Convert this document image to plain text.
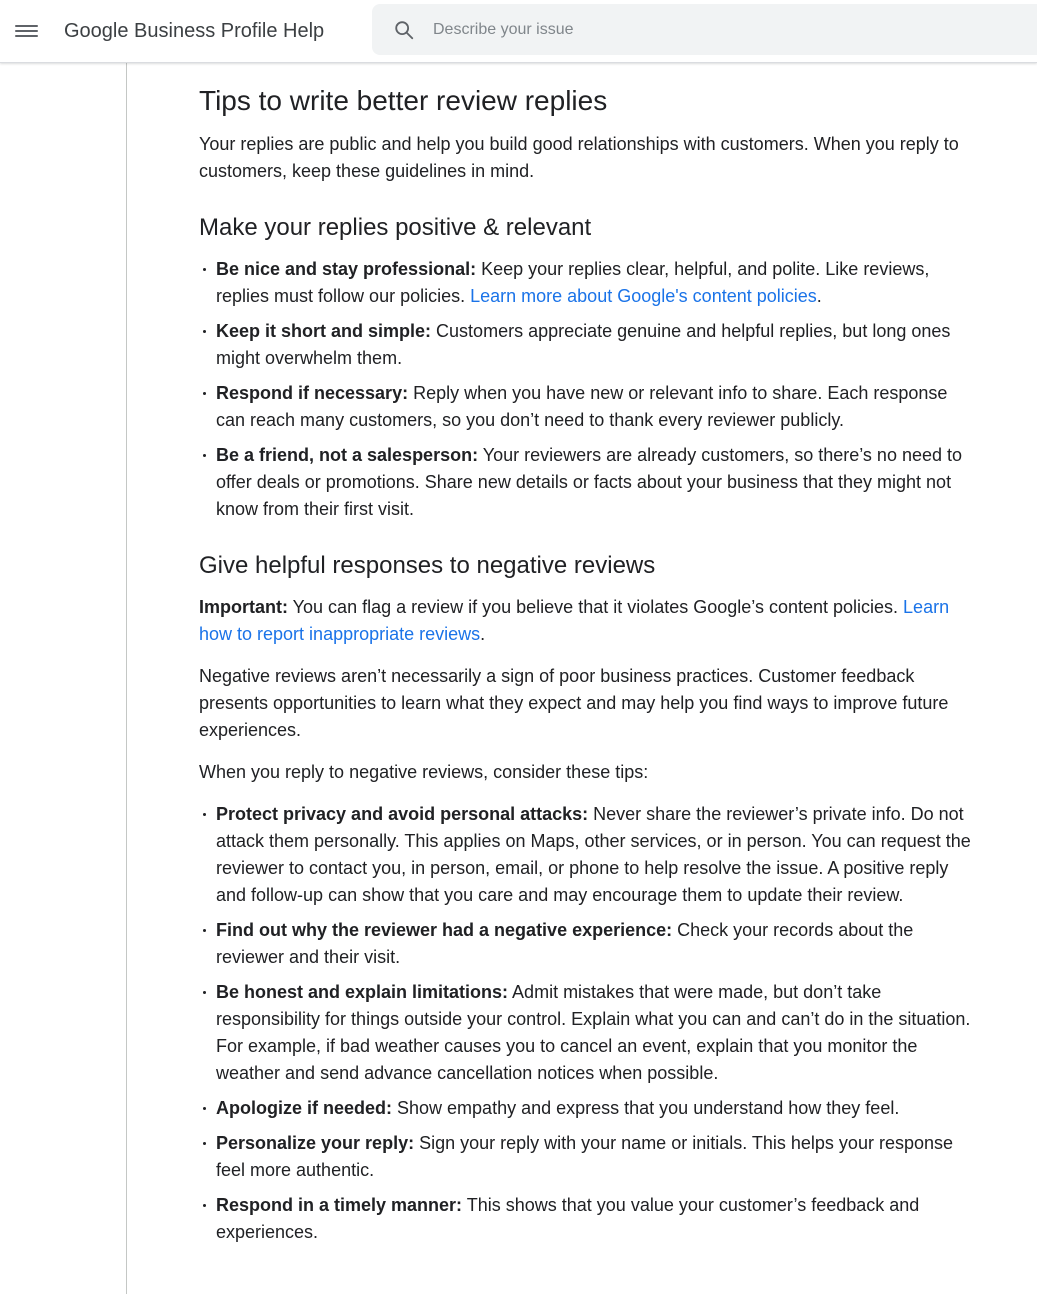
Google Business Profile Help
Describe your issue
Tips to write better review replies

Your replies are public and help you build good relationships with customers. When you reply to customers, keep these guidelines in mind.

Make your replies positive & relevant
Be nice and stay professional: Keep your replies clear, helpful, and polite. Like reviews, replies must follow our policies. Learn more about Google's content policies.
Keep it short and simple: Customers appreciate genuine and helpful replies, but long ones might overwhelm them.
Respond if necessary: Reply when you have new or relevant info to share. Each response can reach many customers, so you don’t need to thank every reviewer publicly.
Be a friend, not a salesperson: Your reviewers are already customers, so there’s no need to offer deals or promotions. Share new details or facts about your business that they might not know from their first visit.
Give helpful responses to negative reviews

Important: You can flag a review if you believe that it violates Google’s content policies. Learn how to report inappropriate reviews.

Negative reviews aren’t necessarily a sign of poor business practices. Customer feedback presents opportunities to learn what they expect and may help you find ways to improve future experiences.

When you reply to negative reviews, consider these tips:

Protect privacy and avoid personal attacks: Never share the reviewer’s private info. Do not attack them personally. This applies on Maps, other services, or in person. You can request the reviewer to contact you, in person, email, or phone to help resolve the issue. A positive reply and follow-up can show that you care and may encourage them to update their review.
Find out why the reviewer had a negative experience: Check your records about the reviewer and their visit.
Be honest and explain limitations: Admit mistakes that were made, but don’t take responsibility for things outside your control. Explain what you can and can’t do in the situation. For example, if bad weather causes you to cancel an event, explain that you monitor the weather and send advance cancellation notices when possible.
Apologize if needed: Show empathy and express that you understand how they feel.
Personalize your reply: Sign your reply with your name or initials. This helps your response feel more authentic.
Respond in a timely manner: This shows that you value your customer’s feedback and experiences.
